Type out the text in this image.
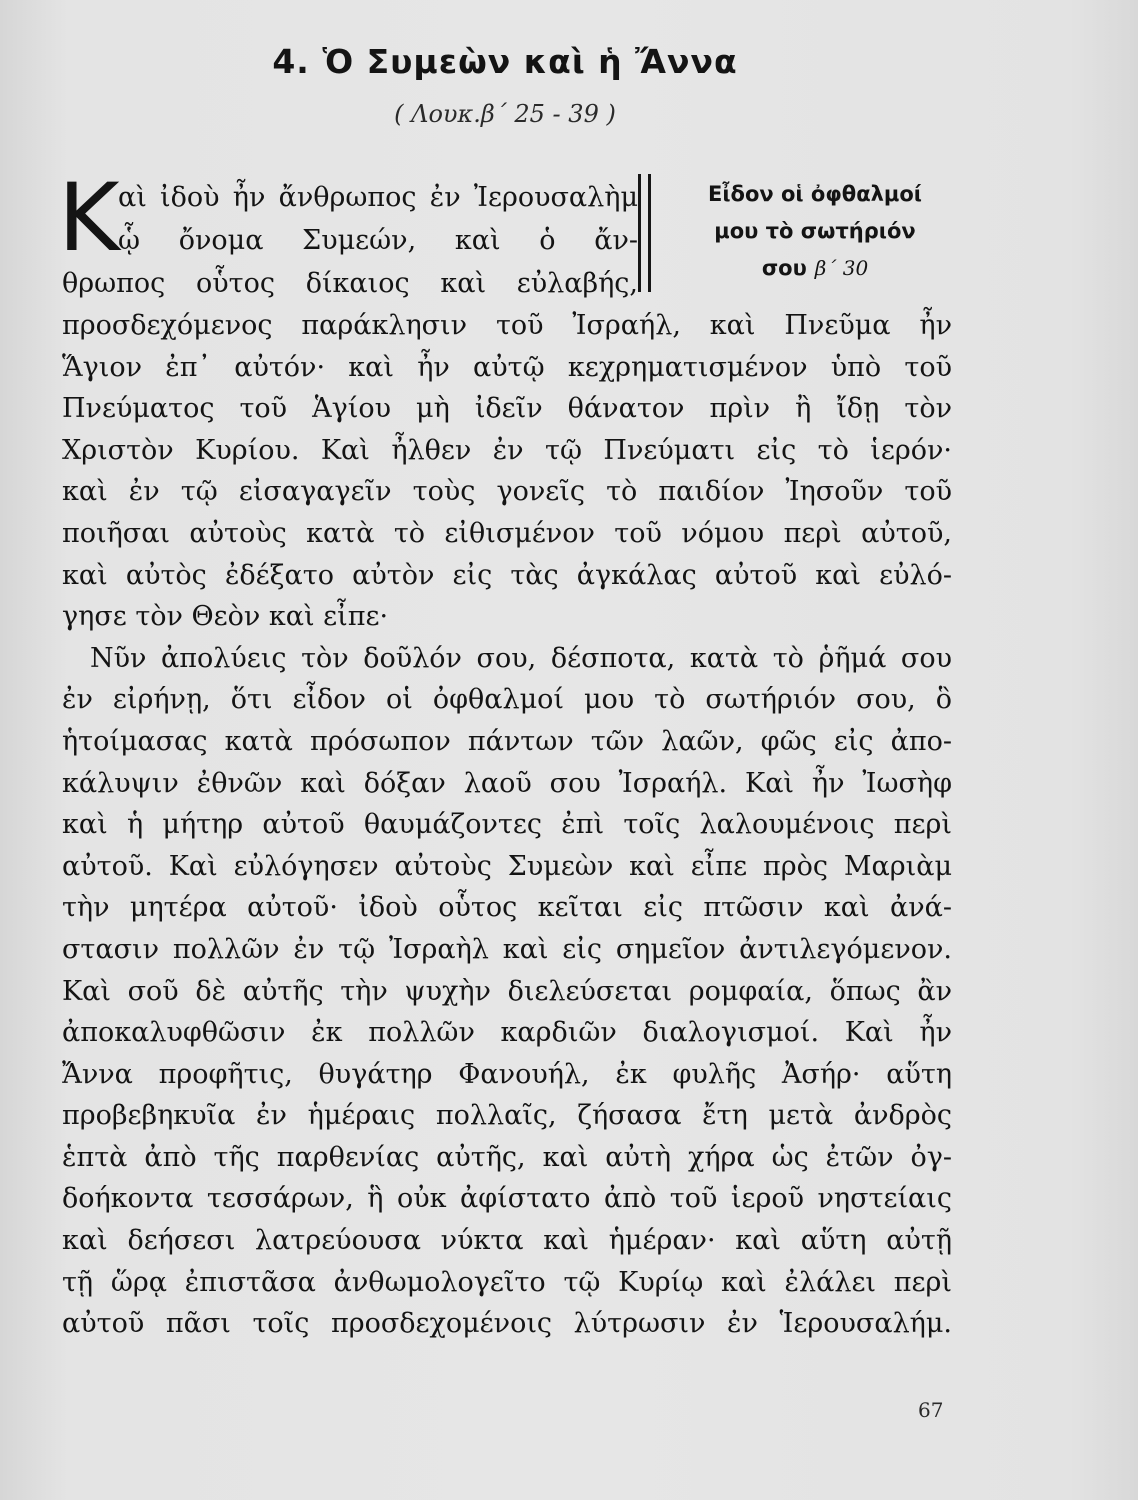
4. Ὁ Συμεὼν καὶ ἡ Ἄννα
( Λουκ.β΄ 25 - 39 )
Κ
αὶ ἰδοὺ ἦν ἄνθρωπος ἐν Ἰερουσαλὴμ
ᾧ ὄνομα Συμεών, καὶ ὁ ἄν-
θρωπος οὗτος δίκαιος καὶ εὐλαβής,
Εἶδον οἱ ὀφθαλμοί
μου τὸ σωτήριόν
σου β΄ 30
προσδεχόμενος παράκλησιν τοῦ Ἰσραήλ, καὶ Πνεῦμα ἦν
Ἅγιον ἐπ᾿ αὐτόν· καὶ ἦν αὐτῷ κεχρηματισμένον ὑπὸ τοῦ
Πνεύματος τοῦ Ἁγίου μὴ ἰδεῖν θάνατον πρὶν ἢ ἴδῃ τὸν
Χριστὸν Κυρίου. Καὶ ἦλθεν ἐν τῷ Πνεύματι εἰς τὸ ἱερόν·
καὶ ἐν τῷ εἰσαγαγεῖν τοὺς γονεῖς τὸ παιδίον Ἰησοῦν τοῦ
ποιῆσαι αὐτοὺς κατὰ τὸ εἰθισμένον τοῦ νόμου περὶ αὐτοῦ,
καὶ αὐτὸς ἐδέξατο αὐτὸν εἰς τὰς ἀγκάλας αὐτοῦ καὶ εὐλό-
γησε τὸν Θεὸν καὶ εἶπε·
Νῦν ἀπολύεις τὸν δοῦλόν σου, δέσποτα, κατὰ τὸ ῥῆμά σου
ἐν εἰρήνῃ, ὅτι εἶδον οἱ ὀφθαλμοί μου τὸ σωτήριόν σου, ὃ
ἡτοίμασας κατὰ πρόσωπον πάντων τῶν λαῶν, φῶς εἰς ἀπο-
κάλυψιν ἐθνῶν καὶ δόξαν λαοῦ σου Ἰσραήλ. Καὶ ἦν Ἰωσὴφ
καὶ ἡ μήτηρ αὐτοῦ θαυμάζοντες ἐπὶ τοῖς λαλουμένοις περὶ
αὐτοῦ. Καὶ εὐλόγησεν αὐτοὺς Συμεὼν καὶ εἶπε πρὸς Μαριὰμ
τὴν μητέρα αὐτοῦ· ἰδοὺ οὗτος κεῖται εἰς πτῶσιν καὶ ἀνά-
στασιν πολλῶν ἐν τῷ Ἰσραὴλ καὶ εἰς σημεῖον ἀντιλεγόμενον.
Καὶ σοῦ δὲ αὐτῆς τὴν ψυχὴν διελεύσεται ρομφαία, ὅπως ἂν
ἀποκαλυφθῶσιν ἐκ πολλῶν καρδιῶν διαλογισμοί. Καὶ ἦν
Ἄννα προφῆτις, θυγάτηρ Φανουήλ, ἐκ φυλῆς Ἀσήρ· αὕτη
προβεβηκυῖα ἐν ἡμέραις πολλαῖς, ζήσασα ἔτη μετὰ ἀνδρὸς
ἑπτὰ ἀπὸ τῆς παρθενίας αὐτῆς, καὶ αὐτὴ χήρα ὡς ἐτῶν ὀγ-
δοήκοντα τεσσάρων, ἣ οὐκ ἀφίστατο ἀπὸ τοῦ ἱεροῦ νηστείαις
καὶ δεήσεσι λατρεύουσα νύκτα καὶ ἡμέραν· καὶ αὕτη αὐτῇ
τῇ ὥρᾳ ἐπιστᾶσα ἀνθωμολογεῖτο τῷ Κυρίῳ καὶ ἐλάλει περὶ
αὐτοῦ πᾶσι τοῖς προσδεχομένοις λύτρωσιν ἐν Ἱερουσαλήμ.
67
